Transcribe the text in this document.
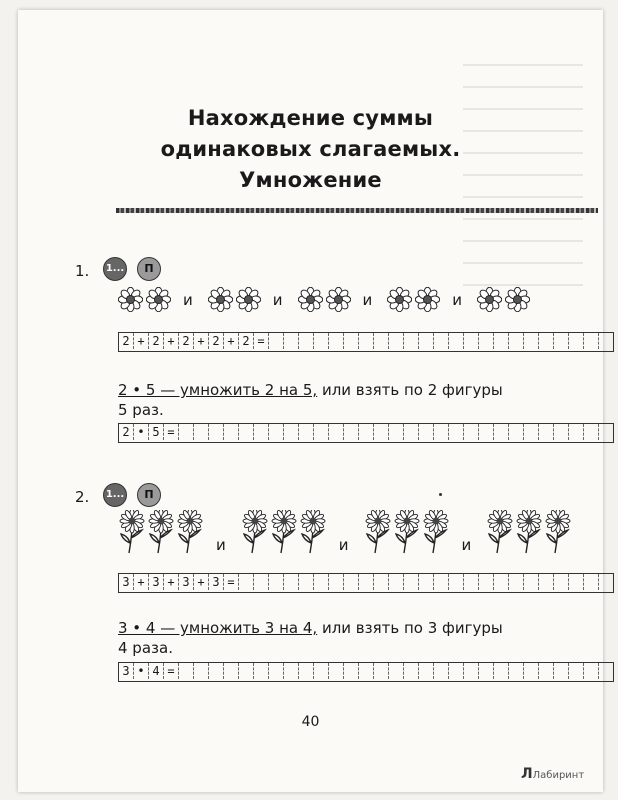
Нахождение суммы
одинаковых слагаемых.
Умножение
1. 1...	П
и	и	и	и
2 + 2 + 2 + 2 + 2 =
2 • 5 — умножить 2 на 5, или взять по 2 фигуры
5 раз.
2 • 5 =
2. 1...	П
и	и	и
3 + 3 + 3 + 3 =
3 • 4 — умножить 3 на 4, или взять по 3 фигуры
4 раза.
3 • 4 =
40
ЛЛабиринт
